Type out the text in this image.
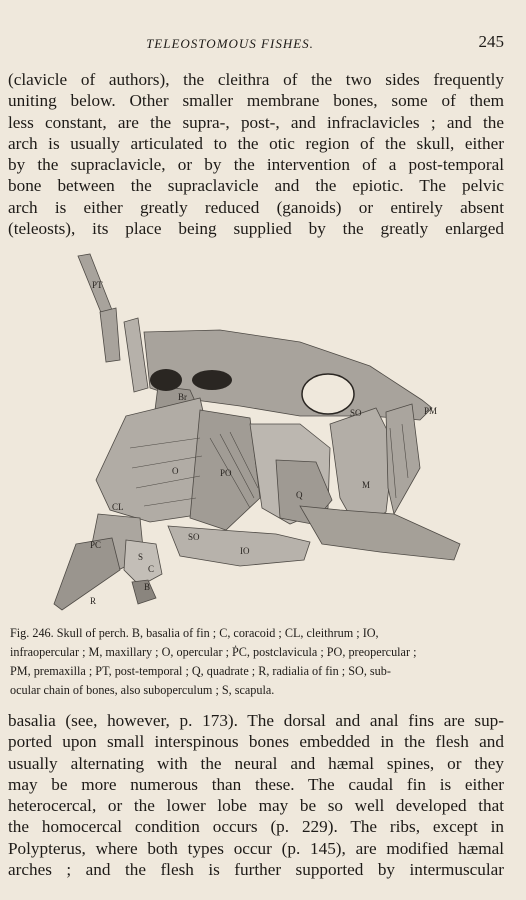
TELEOSTOMOUS FISHES.	245

(clavicle of authors), the cleithra of the two sides frequently
uniting below. Other smaller membrane bones, some of them
less constant, are the supra-, post-, and infraclavicles ; and the
arch is usually articulated to the otic region of the skull, either
by the supraclavicle, or by the intervention of a post-temporal
bone between the supraclavicle and the epiotic. The pelvic
arch is either greatly reduced (ganoids) or entirely absent
(teleosts), its place being supplied by the greatly enlarged

Br
SO	PM
O	PO
M
Q
CL
PC
S
C
SO
IO
B
R
PT
Fig. 246. Skull of perch. B, basalia of fin ; C, coracoid ; CL, cleithrum ; IO,
infraopercular ; M, maxillary ; O, opercular ; ṖC, postclavicula ; PO, preopercular ;
PM, premaxilla ; PT, post-temporal ; Q, quadrate ; R, radialia of fin ; SO, sub-
ocular chain of bones, also suboperculum ; S, scapula.

basalia (see, however, p. 173). The dorsal and anal fins are sup-
ported upon small interspinous bones embedded in the flesh and
usually alternating with the neural and hæmal spines, or they
may be more numerous than these. The caudal fin is either
heterocercal, or the lower lobe may be so well developed that
the homocercal condition occurs (p. 229). The ribs, except in
Polypterus, where both types occur (p. 145), are modified hæmal
arches ; and the flesh is further supported by intermuscular
